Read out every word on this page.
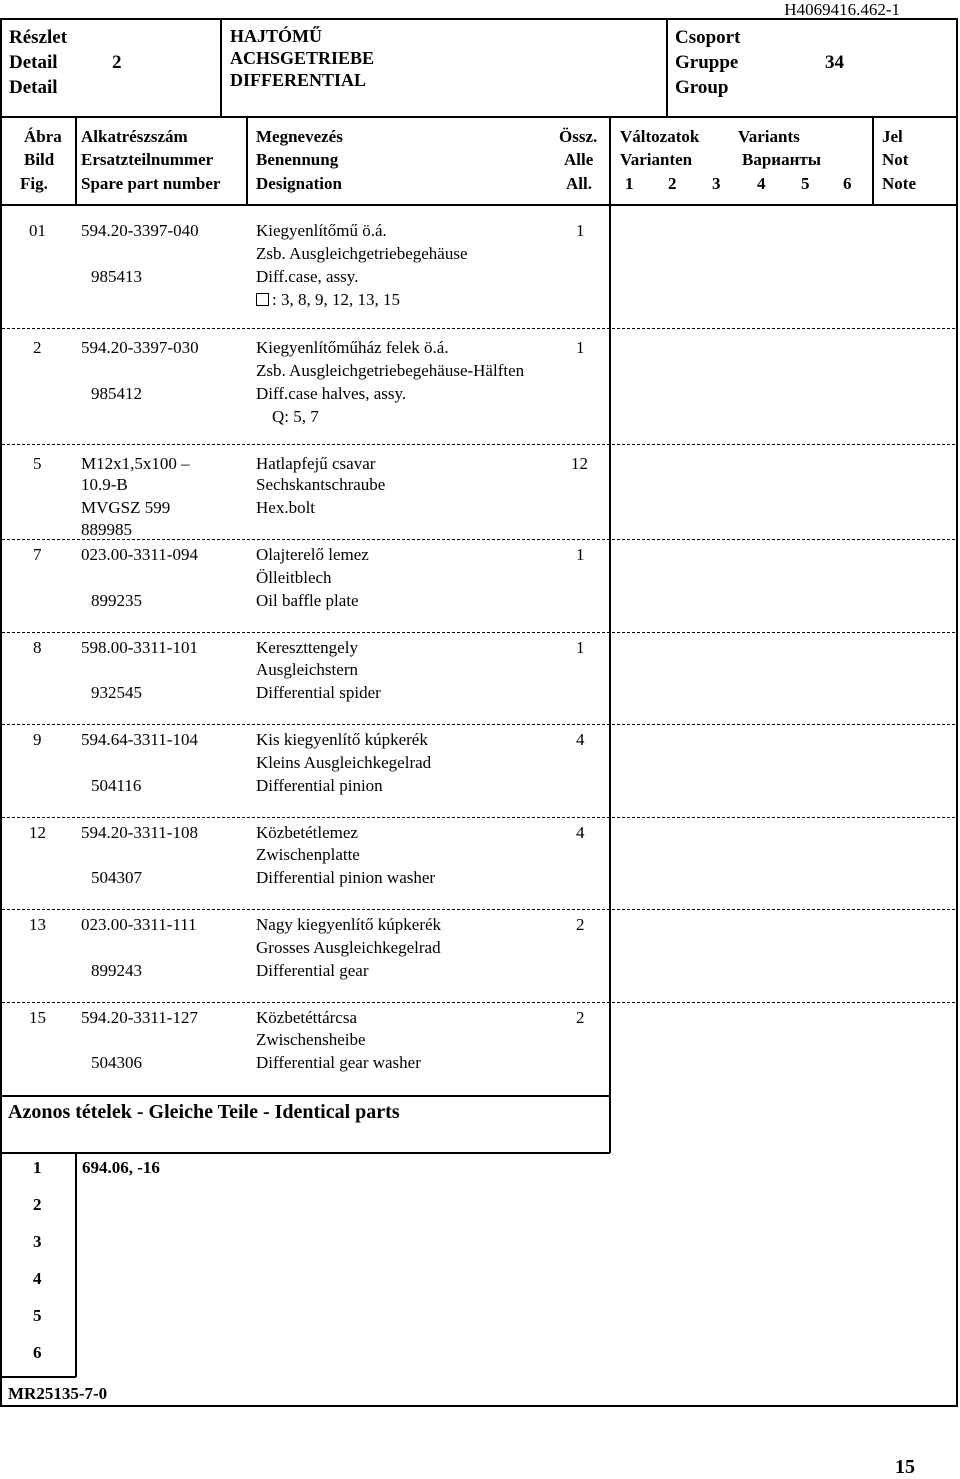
H4069416.462-1
Részlet
Detail
Detail
2
HAJTÓMŰ
ACHSGETRIEBE
DIFFERENTIAL
Csoport
Gruppe
Group
34
Ábra
Bild
Fig.
Alkatrészszám
Ersatzteilnummer
Spare part number
Megnevezés
Benennung
Designation
Össz.
Alle
All.
Változatok Variants
Varianten	Варианты
1 2 3 4 5 6
Jel
Not
Note
01 594.20-3397-040
985413
Kiegyenlítőmű ö.á.
Zsb. Ausgleichgetriebegehäuse
Diff.case, assy.
: 3, 8, 9, 12, 13, 15
1
2 594.20-3397-030
985412
Kiegyenlítőműház felek ö.á.
Zsb. Ausgleichgetriebegehäuse-Hälften
Diff.case halves, assy.
Q: 5, 7
1
5 M12x1,5x100 –
10.9-B
MVGSZ 599
889985
Hatlapfejű csavar
Sechskantschraube
Hex.bolt
12
7 023.00-3311-094
899235
Olajterelő lemez
Ölleitblech
Oil baffle plate
1
8 598.00-3311-101
932545
Kereszttengely
Ausgleichstern
Differential spider
1
9 594.64-3311-104
504116
Kis kiegyenlítő kúpkerék
Kleins Ausgleichkegelrad
Differential pinion
4
12 594.20-3311-108
504307
Közbetétlemez
Zwischenplatte
Differential pinion washer
4
13 023.00-3311-111
899243
Nagy kiegyenlítő kúpkerék
Grosses Ausgleichkegelrad
Differential gear
2
15 594.20-3311-127
504306
Közbetéttárcsa
Zwischensheibe
Differential gear washer
2
Azonos tételek - Gleiche Teile - Identical parts
1 694.06, -16
2
3
4
5
6
MR25135-7-0
15
